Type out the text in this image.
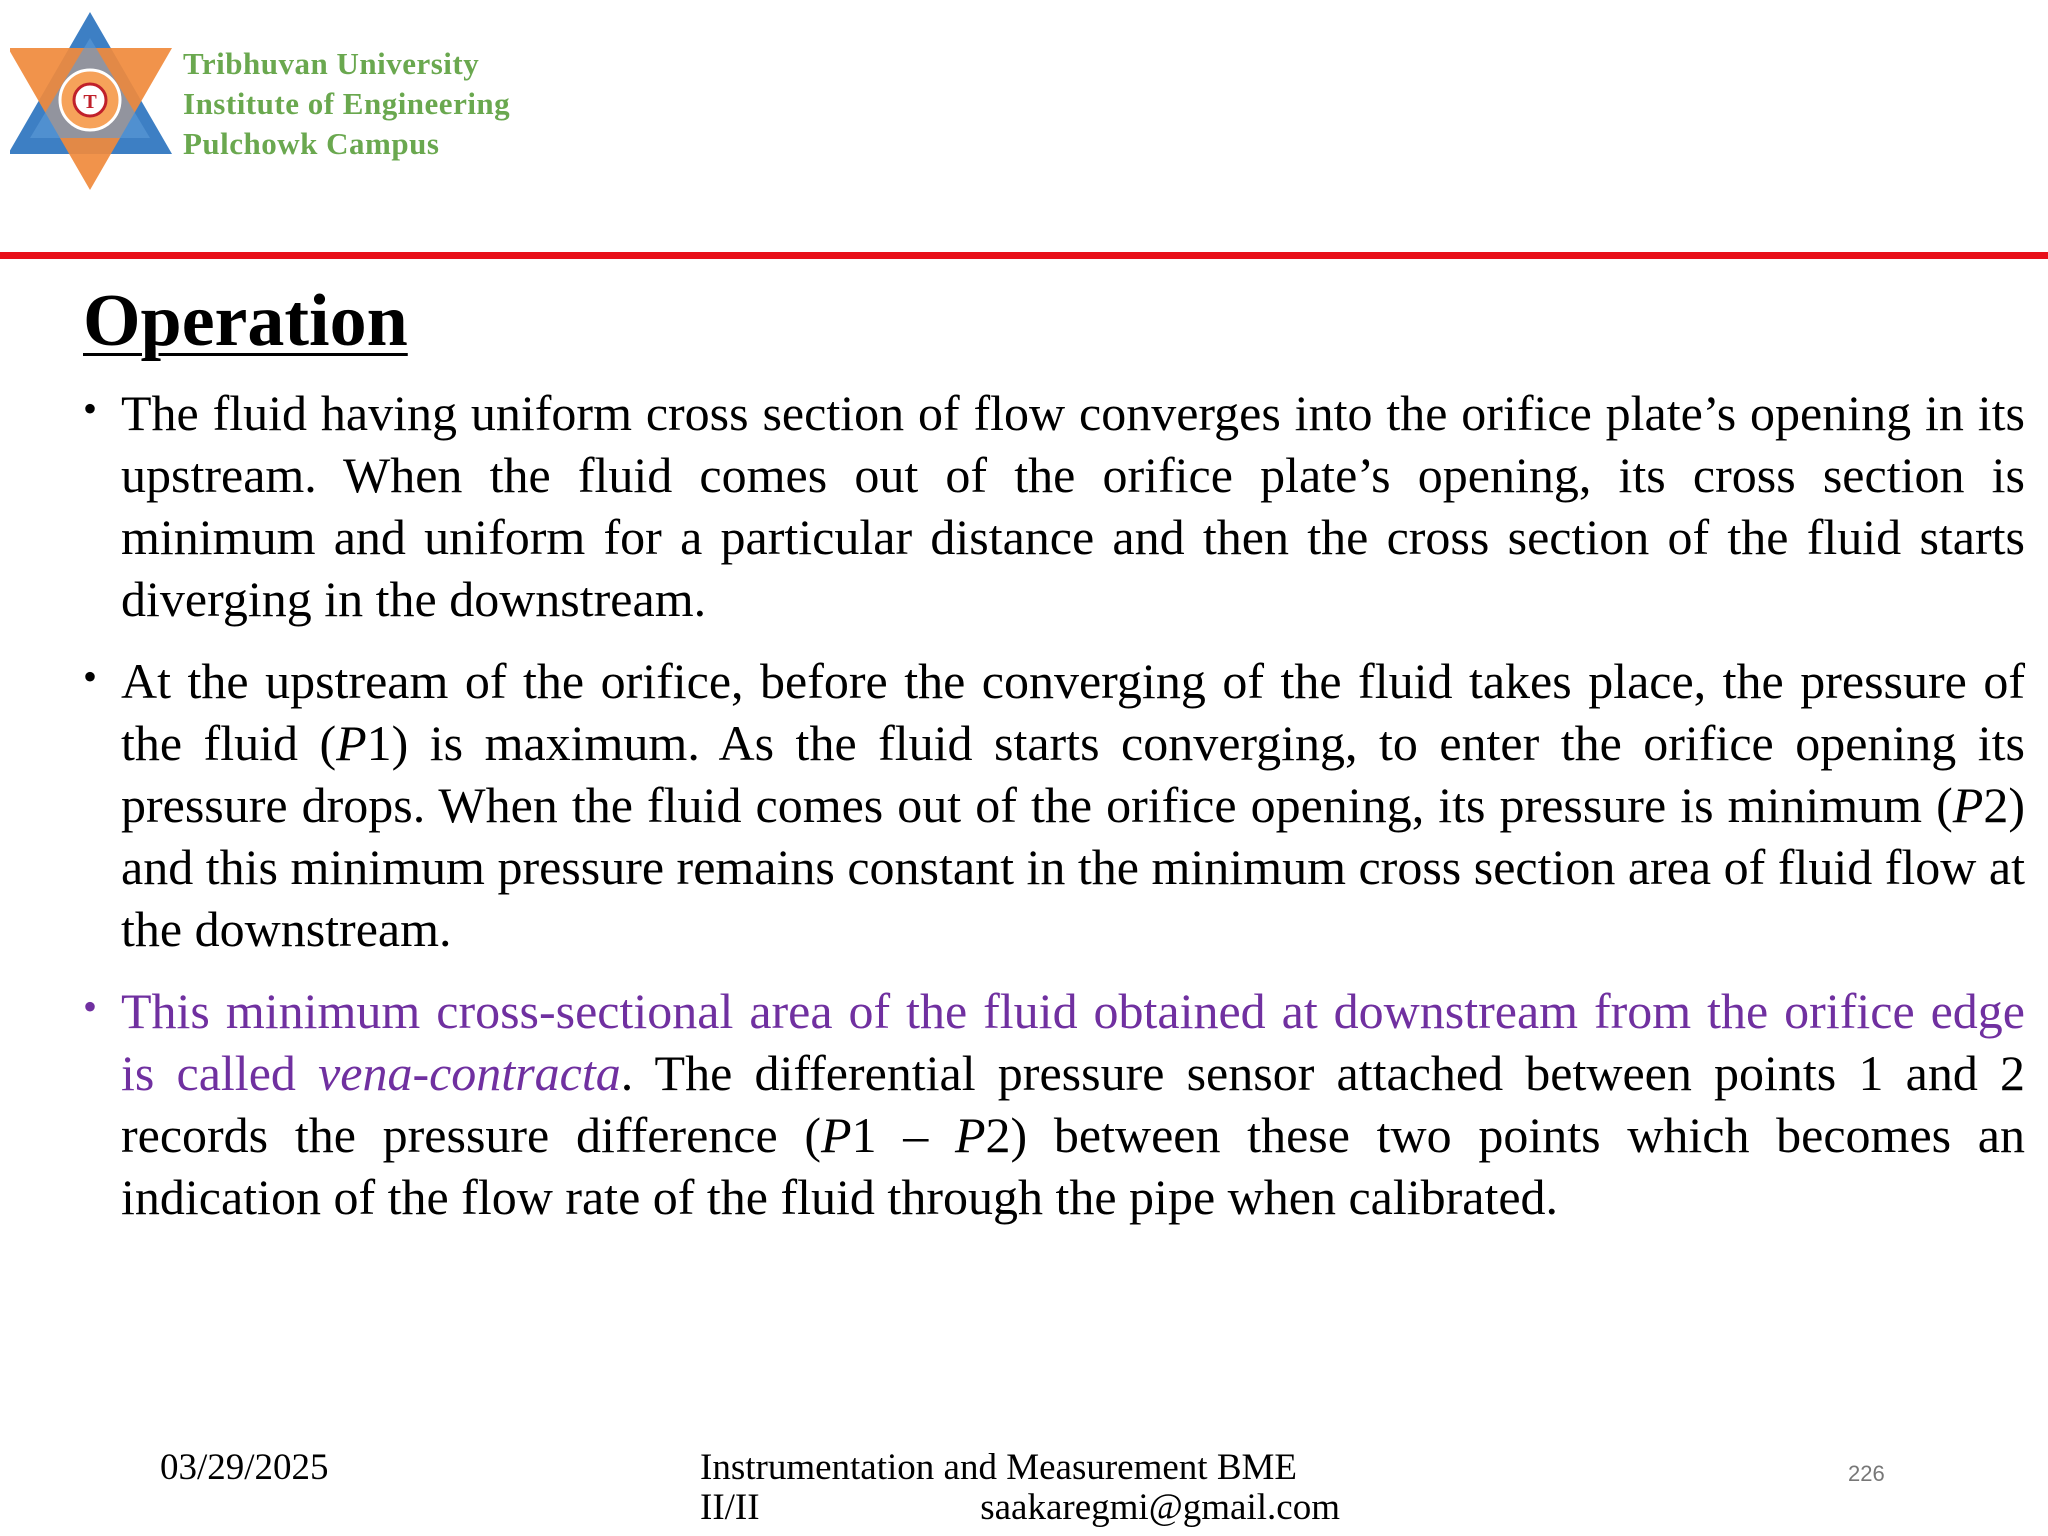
T
Tribhuvan University
Institute of Engineering
Pulchowk Campus
Operation
• The fluid having uniform cross section of flow converges into the orifice plate’s opening in its upstream. When the fluid comes out of the orifice plate’s opening, its cross section is minimum and uniform for a particular distance and then the cross section of the fluid starts diverging in the downstream.
• At the upstream of the orifice, before the converging of the fluid takes place, the pressure of the fluid (P1) is maximum. As the fluid starts converging, to enter the orifice opening its pressure drops. When the fluid comes out of the orifice opening, its pressure is minimum (P2) and this minimum pressure remains constant in the minimum cross section area of fluid flow at the downstream.
• This minimum cross-sectional area of the fluid obtained at downstream from the orifice edge is called vena-contracta. The differential pressure sensor attached between points 1 and 2 records the pressure difference (P1 – P2) between these two points which becomes an indication of the flow rate of the fluid through the pipe when calibrated.
03/29/2025	Instrumentation and Measurement BME
II/II	saakaregmi@gmail.com
226
